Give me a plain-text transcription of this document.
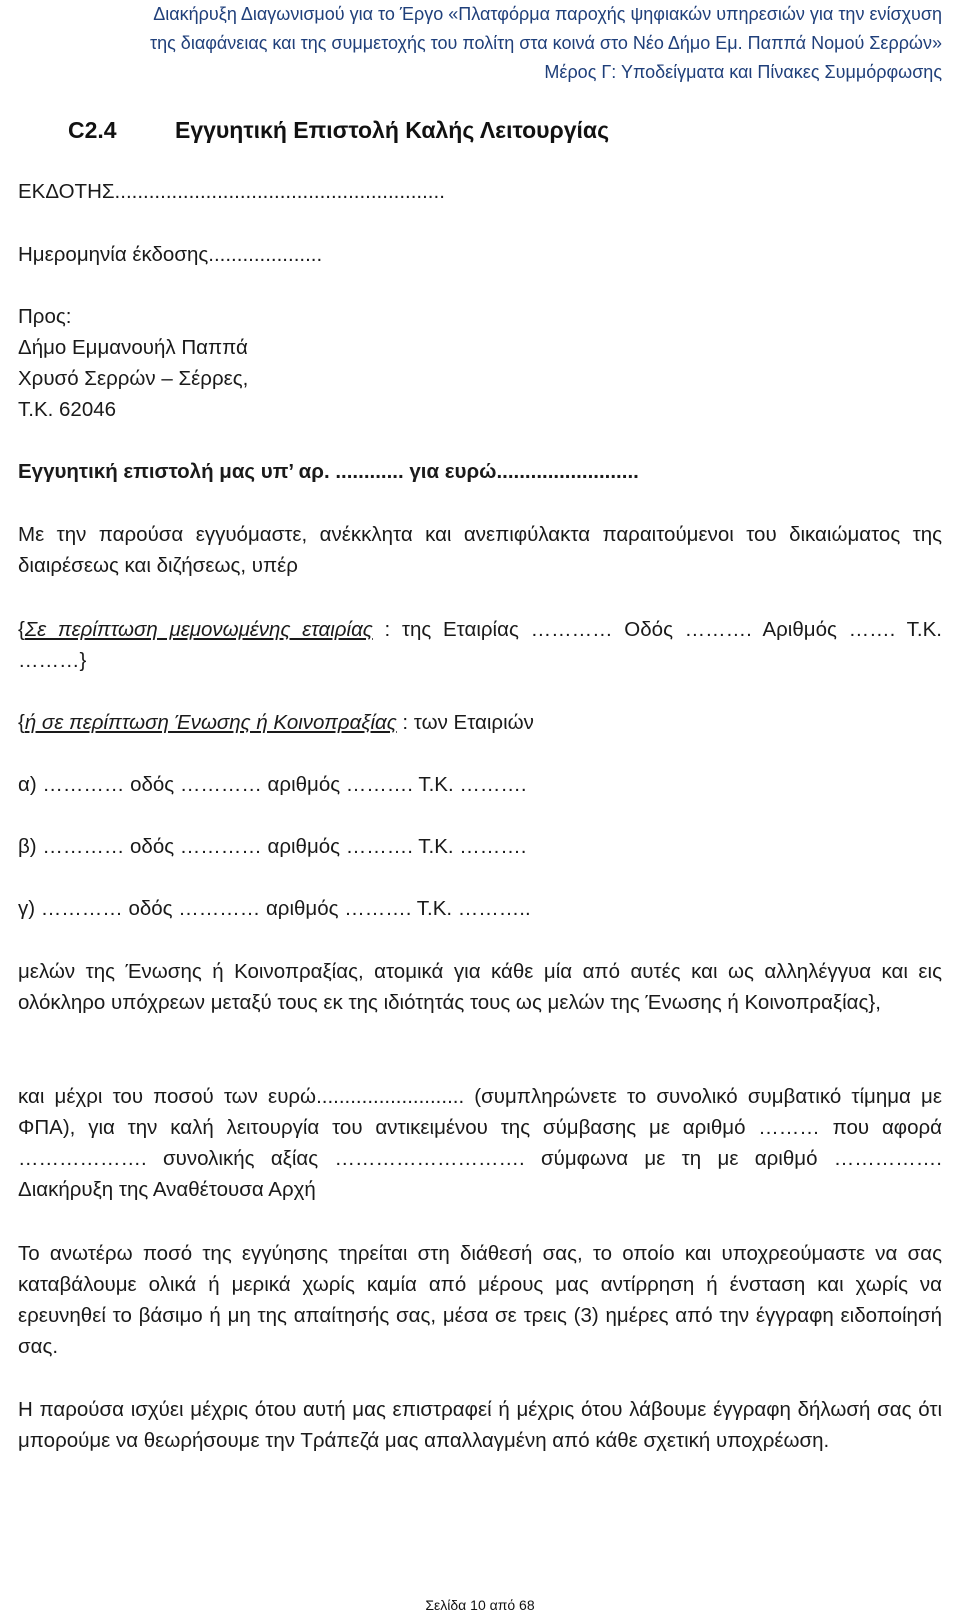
Διακήρυξη Διαγωνισμού για το Έργο «Πλατφόρμα παροχής ψηφιακών υπηρεσιών για την ενίσχυση
της διαφάνειας και της συμμετοχής του πολίτη στα κοινά στο Νέο Δήμο Εμ. Παππά Νομού Σερρών»
Μέρος Γ: Υποδείγματα και Πίνακες Συμμόρφωσης
C2.4	Εγγυητική Επιστολή Καλής Λειτουργίας
ΕΚΔΟΤΗΣ..........................................................
Ημερομηνία έκδοσης....................
Προς:
Δήμο Εμμανουήλ Παππά
Χρυσό Σερρών – Σέρρες,
Τ.Κ. 62046
Εγγυητική επιστολή μας υπ’ αρ. ............ για ευρώ.........................
Με την παρούσα εγγυόμαστε, ανέκκλητα και ανεπιφύλακτα παραιτούμενοι του δικαιώματος της διαιρέσεως και διζήσεως, υπέρ
{Σε περίπτωση μεμονωμένης εταιρίας : της Εταιρίας ………… Οδός ………. Αριθμός ……. Τ.Κ. ………}
{ή σε περίπτωση Ένωσης ή Κοινοπραξίας : των Εταιριών
α) ………… οδός ………… αριθμός ………. Τ.Κ. ……….
β) ………… οδός ………… αριθμός ………. Τ.Κ. ……….
γ) ………… οδός ………… αριθμός ………. Τ.Κ. ………..
μελών της Ένωσης ή Κοινοπραξίας, ατομικά για κάθε μία από αυτές και ως αλληλέγγυα και εις ολόκληρο υπόχρεων μεταξύ τους εκ της ιδιότητάς τους ως μελών της Ένωσης ή Κοινοπραξίας},
και μέχρι του ποσού των ευρώ.......................... (συμπληρώνετε το συνολικό συμβατικό τίμημα με ΦΠΑ), για την καλή λειτουργία του αντικειμένου της σύμβασης με αριθμό ……… που αφορά ………………. συνολικής αξίας ………………………. σύμφωνα με τη με αριθμό ……………. Διακήρυξη της Αναθέτουσα Αρχή
Το ανωτέρω ποσό της εγγύησης τηρείται στη διάθεσή σας, το οποίο και υποχρεούμαστε να σας καταβάλουμε ολικά ή μερικά χωρίς καμία από μέρους μας αντίρρηση ή ένσταση και χωρίς να ερευνηθεί το βάσιμο ή μη της απαίτησής σας, μέσα σε τρεις (3) ημέρες από την έγγραφη ειδοποίησή σας.
Η παρούσα ισχύει μέχρις ότου αυτή μας επιστραφεί ή μέχρις ότου λάβουμε έγγραφη δήλωσή σας ότι μπορούμε να θεωρήσουμε την Τράπεζά μας απαλλαγμένη από κάθε σχετική υποχρέωση.
Σελίδα 10 από 68
